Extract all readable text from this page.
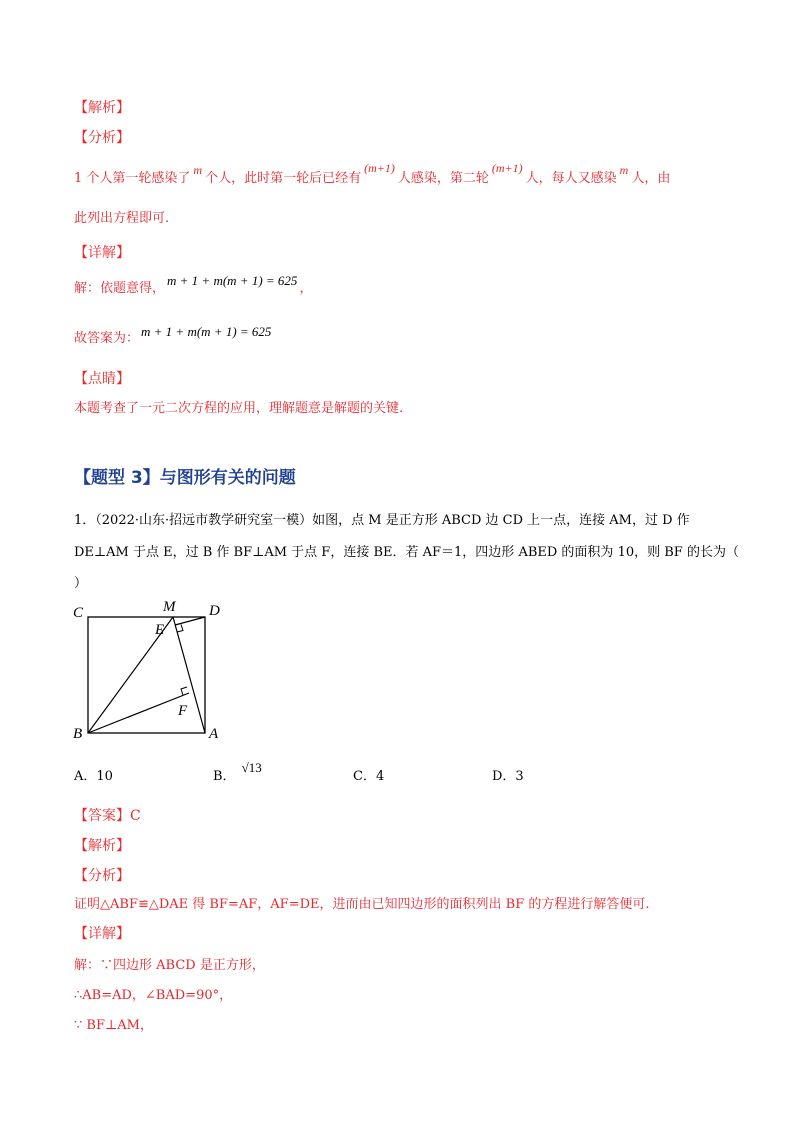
【解析】
【分析】
1 个人第一轮感染了m个人，此时第一轮后已经有(m+1)人感染，第二轮(m+1)人，每人又感染m人，由
此列出方程即可.
【详解】
解：依题意得，m + 1 + m(m + 1) = 625，
故答案为： m + 1 + m(m + 1) = 625
【点睛】
本题考查了一元二次方程的应用，理解题意是解题的关键.
【题型 3】与图形有关的问题
1．（2022·山东·招远市教学研究室一模）如图，点 M 是正方形 ABCD 边 CD 上一点，连接 AM，过 D 作
DE⊥AM 于点 E，过 B 作 BF⊥AM 于点 F，连接 BE．若 AF＝1，四边形 ABED 的面积为 10，则 BF 的长为（
）
C	M D
E
F
B	A
A．10	B．√13
C．4	D．3
【答案】C
【解析】
【分析】
证明△ABF≌△DAE 得 BF=AF，AF=DE，进而由已知四边形的面积列出 BF 的方程进行解答便可.
【详解】
解：∵四边形 ABCD 是正方形，
∴AB=AD，∠BAD=90°，
∵ BF⊥AM，
